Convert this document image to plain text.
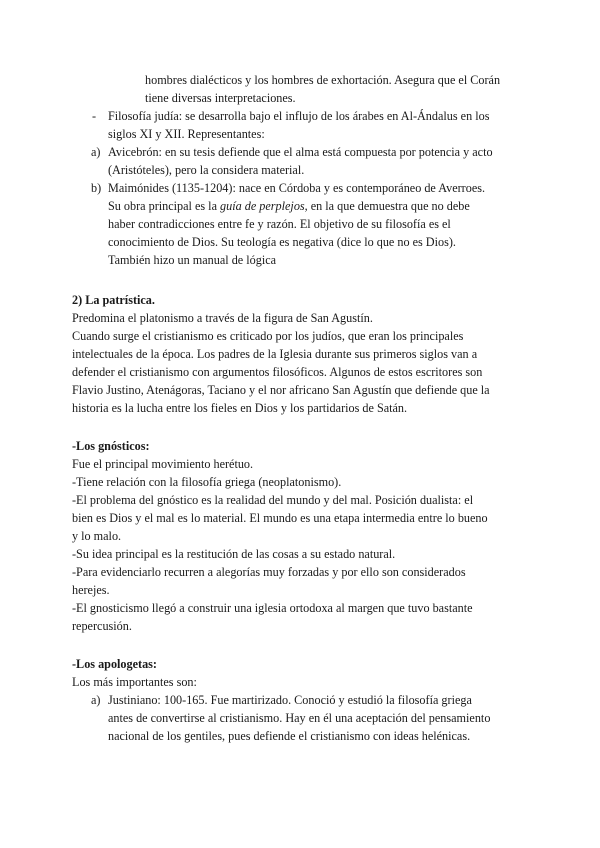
hombres dialécticos y los hombres de exhortación. Asegura que el Corán
tiene diversas interpretaciones.
- Filosofía judía: se desarrolla bajo el influjo de los árabes en Al-Ándalus en los
siglos XI y XII. Representantes:
a) Avicebrón: en su tesis defiende que el alma está compuesta por potencia y acto
(Aristóteles), pero la considera material.
b) Maimónides (1135-1204): nace en Córdoba y es contemporáneo de Averroes.
Su obra principal es la guía de perplejos, en la que demuestra que no debe
haber contradicciones entre fe y razón. El objetivo de su filosofía es el
conocimiento de Dios. Su teología es negativa (dice lo que no es Dios).
También hizo un manual de lógica
2) La patrística.
Predomina el platonismo a través de la figura de San Agustín.
Cuando surge el cristianismo es criticado por los judíos, que eran los principales
intelectuales de la época. Los padres de la Iglesia durante sus primeros siglos van a
defender el cristianismo con argumentos filosóficos. Algunos de estos escritores son
Flavio Justino, Atenágoras, Taciano y el nor africano San Agustín que defiende que la
historia es la lucha entre los fieles en Dios y los partidarios de Satán.
-Los gnósticos:
Fue el principal movimiento herétuo.
-Tiene relación con la filosofía griega (neoplatonismo).
-El problema del gnóstico es la realidad del mundo y del mal. Posición dualista: el
bien es Dios y el mal es lo material. El mundo es una etapa intermedia entre lo bueno
y lo malo.
-Su idea principal es la restitución de las cosas a su estado natural.
-Para evidenciarlo recurren a alegorías muy forzadas y por ello son considerados
herejes.
-El gnosticismo llegó a construir una iglesia ortodoxa al margen que tuvo bastante
repercusión.
-Los apologetas:
Los más importantes son:
a) Justiniano: 100-165. Fue martirizado. Conoció y estudió la filosofía griega
antes de convertirse al cristianismo. Hay en él una aceptación del pensamiento
nacional de los gentiles, pues defiende el cristianismo con ideas helénicas.
